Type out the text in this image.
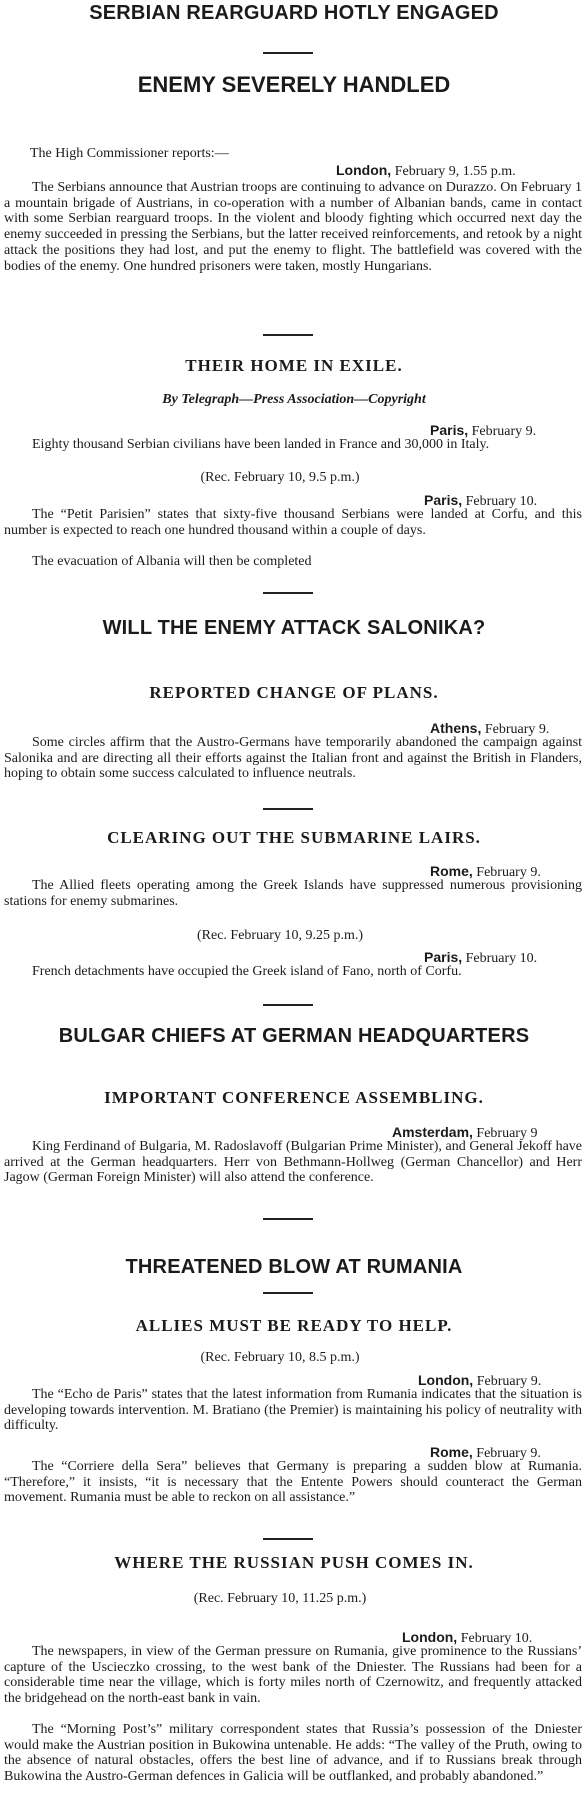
SERBIAN REARGUARD HOTLY ENGAGED
ENEMY SEVERELY HANDLED

The High Commissioner reports:—

London, February 9, 1.55 p.m.

The Serbians announce that Austrian troops are continuing to advance on Durazzo. On February 1 a mountain brigade of Austrians, in co-operation with a number of Albanian bands, came in contact with some Serbian rearguard troops. In the violent and bloody fighting which occurred next day the enemy succeeded in pressing the Serbians, but the latter received reinforcements, and retook by a night attack the positions they had lost, and put the enemy to flight. The battlefield was covered with the bodies of the enemy. One hundred prisoners were taken, mostly Hungarians.

THEIR HOME IN EXILE.

By Telegraph—Press Association—Copyright

Paris, February 9.

Eighty thousand Serbian civilians have been landed in France and 30,000 in Italy.

(Rec. February 10, 9.5 p.m.)

Paris, February 10.

The “Petit Parisien” states that sixty-five thousand Serbians were landed at Corfu, and this number is expected to reach one hundred thousand within a couple of days.

The evacuation of Albania will then be completed

WILL THE ENEMY ATTACK SALONIKA?
REPORTED CHANGE OF PLANS.

Athens, February 9.

Some circles affirm that the Austro-Germans have temporarily abandoned the campaign against Salonika and are directing all their efforts against the Italian front and against the British in Flanders, hoping to obtain some success calculated to influence neutrals.

CLEARING OUT THE SUBMARINE LAIRS.

Rome, February 9.

The Allied fleets operating among the Greek Islands have suppressed numerous provisioning stations for enemy submarines.

(Rec. February 10, 9.25 p.m.)

Paris, February 10.

French detachments have occupied the Greek island of Fano, north of Corfu.

BULGAR CHIEFS AT GERMAN HEADQUARTERS
IMPORTANT CONFERENCE ASSEMBLING.

Amsterdam, February 9

King Ferdinand of Bulgaria, M. Radoslavoff (Bulgarian Prime Minister), and General Jekoff have arrived at the German headquarters. Herr von Bethmann-Hollweg (German Chancellor) and Herr Jagow (German Foreign Minister) will also attend the conference.

THREATENED BLOW AT RUMANIA
ALLIES MUST BE READY TO HELP.

(Rec. February 10, 8.5 p.m.)

London, February 9.

The “Echo de Paris” states that the latest information from Rumania indicates that the situation is developing towards intervention. M. Bratiano (the Premier) is maintaining his policy of neutrality with difficulty.

Rome, February 9.

The “Corriere della Sera” believes that Germany is preparing a sudden blow at Rumania. “Therefore,” it insists, “it is necessary that the Entente Powers should counteract the German movement. Rumania must be able to reckon on all assistance.”

WHERE THE RUSSIAN PUSH COMES IN.

(Rec. February 10, 11.25 p.m.)

London, February 10.

The newspapers, in view of the German pressure on Rumania, give prominence to the Russians’ capture of the Uscieczko crossing, to the west bank of the Dniester. The Russians had been for a considerable time near the village, which is forty miles north of Czernowitz, and frequently attacked the bridgehead on the north-east bank in vain.

The “Morning Post’s” military correspondent states that Russia’s possession of the Dniester would make the Austrian position in Bukowina untenable. He adds: “The valley of the Pruth, owing to the absence of natural obstacles, offers the best line of advance, and if to Russians break through Bukowina the Austro-German defences in Galicia will be outflanked, and probably abandoned.”
